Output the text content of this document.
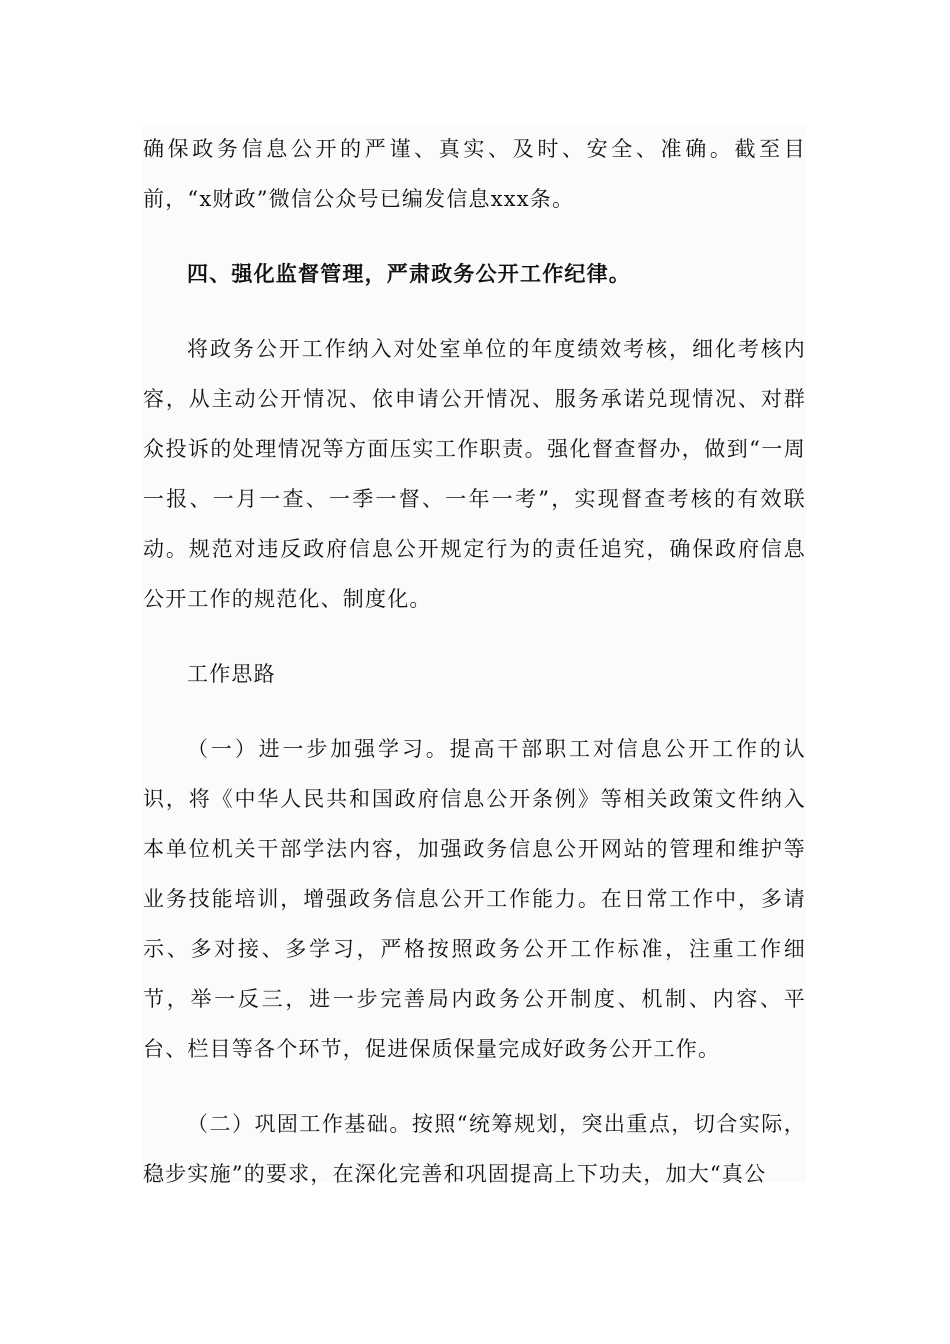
确保政务信息公开的严谨、真实、及时、安全、准确。截至目前，“x财政”微信公众号已编发信息xxx条。

四、强化监督管理，严肃政务公开工作纪律。

将政务公开工作纳入对处室单位的年度绩效考核，细化考核内容，从主动公开情况、依申请公开情况、服务承诺兑现情况、对群众投诉的处理情况等方面压实工作职责。强化督查督办，做到“一周一报、一月一查、一季一督、一年一考”，实现督查考核的有效联动。规范对违反政府信息公开规定行为的责任追究，确保政府信息公开工作的规范化、制度化。

工作思路

（一）进一步加强学习。提高干部职工对信息公开工作的认识，将《中华人民共和国政府信息公开条例》等相关政策文件纳入本单位机关干部学法内容，加强政务信息公开网站的管理和维护等业务技能培训，增强政务信息公开工作能力。在日常工作中，多请示、多对接、多学习，严格按照政务公开工作标准，注重工作细节，举一反三，进一步完善局内政务公开制度、机制、内容、平台、栏目等各个环节，促进保质保量完成好政务公开工作。

（二）巩固工作基础。按照“统筹规划，突出重点，切合实际，稳步实施”的要求，在深化完善和巩固提高上下功夫，加大“真公
